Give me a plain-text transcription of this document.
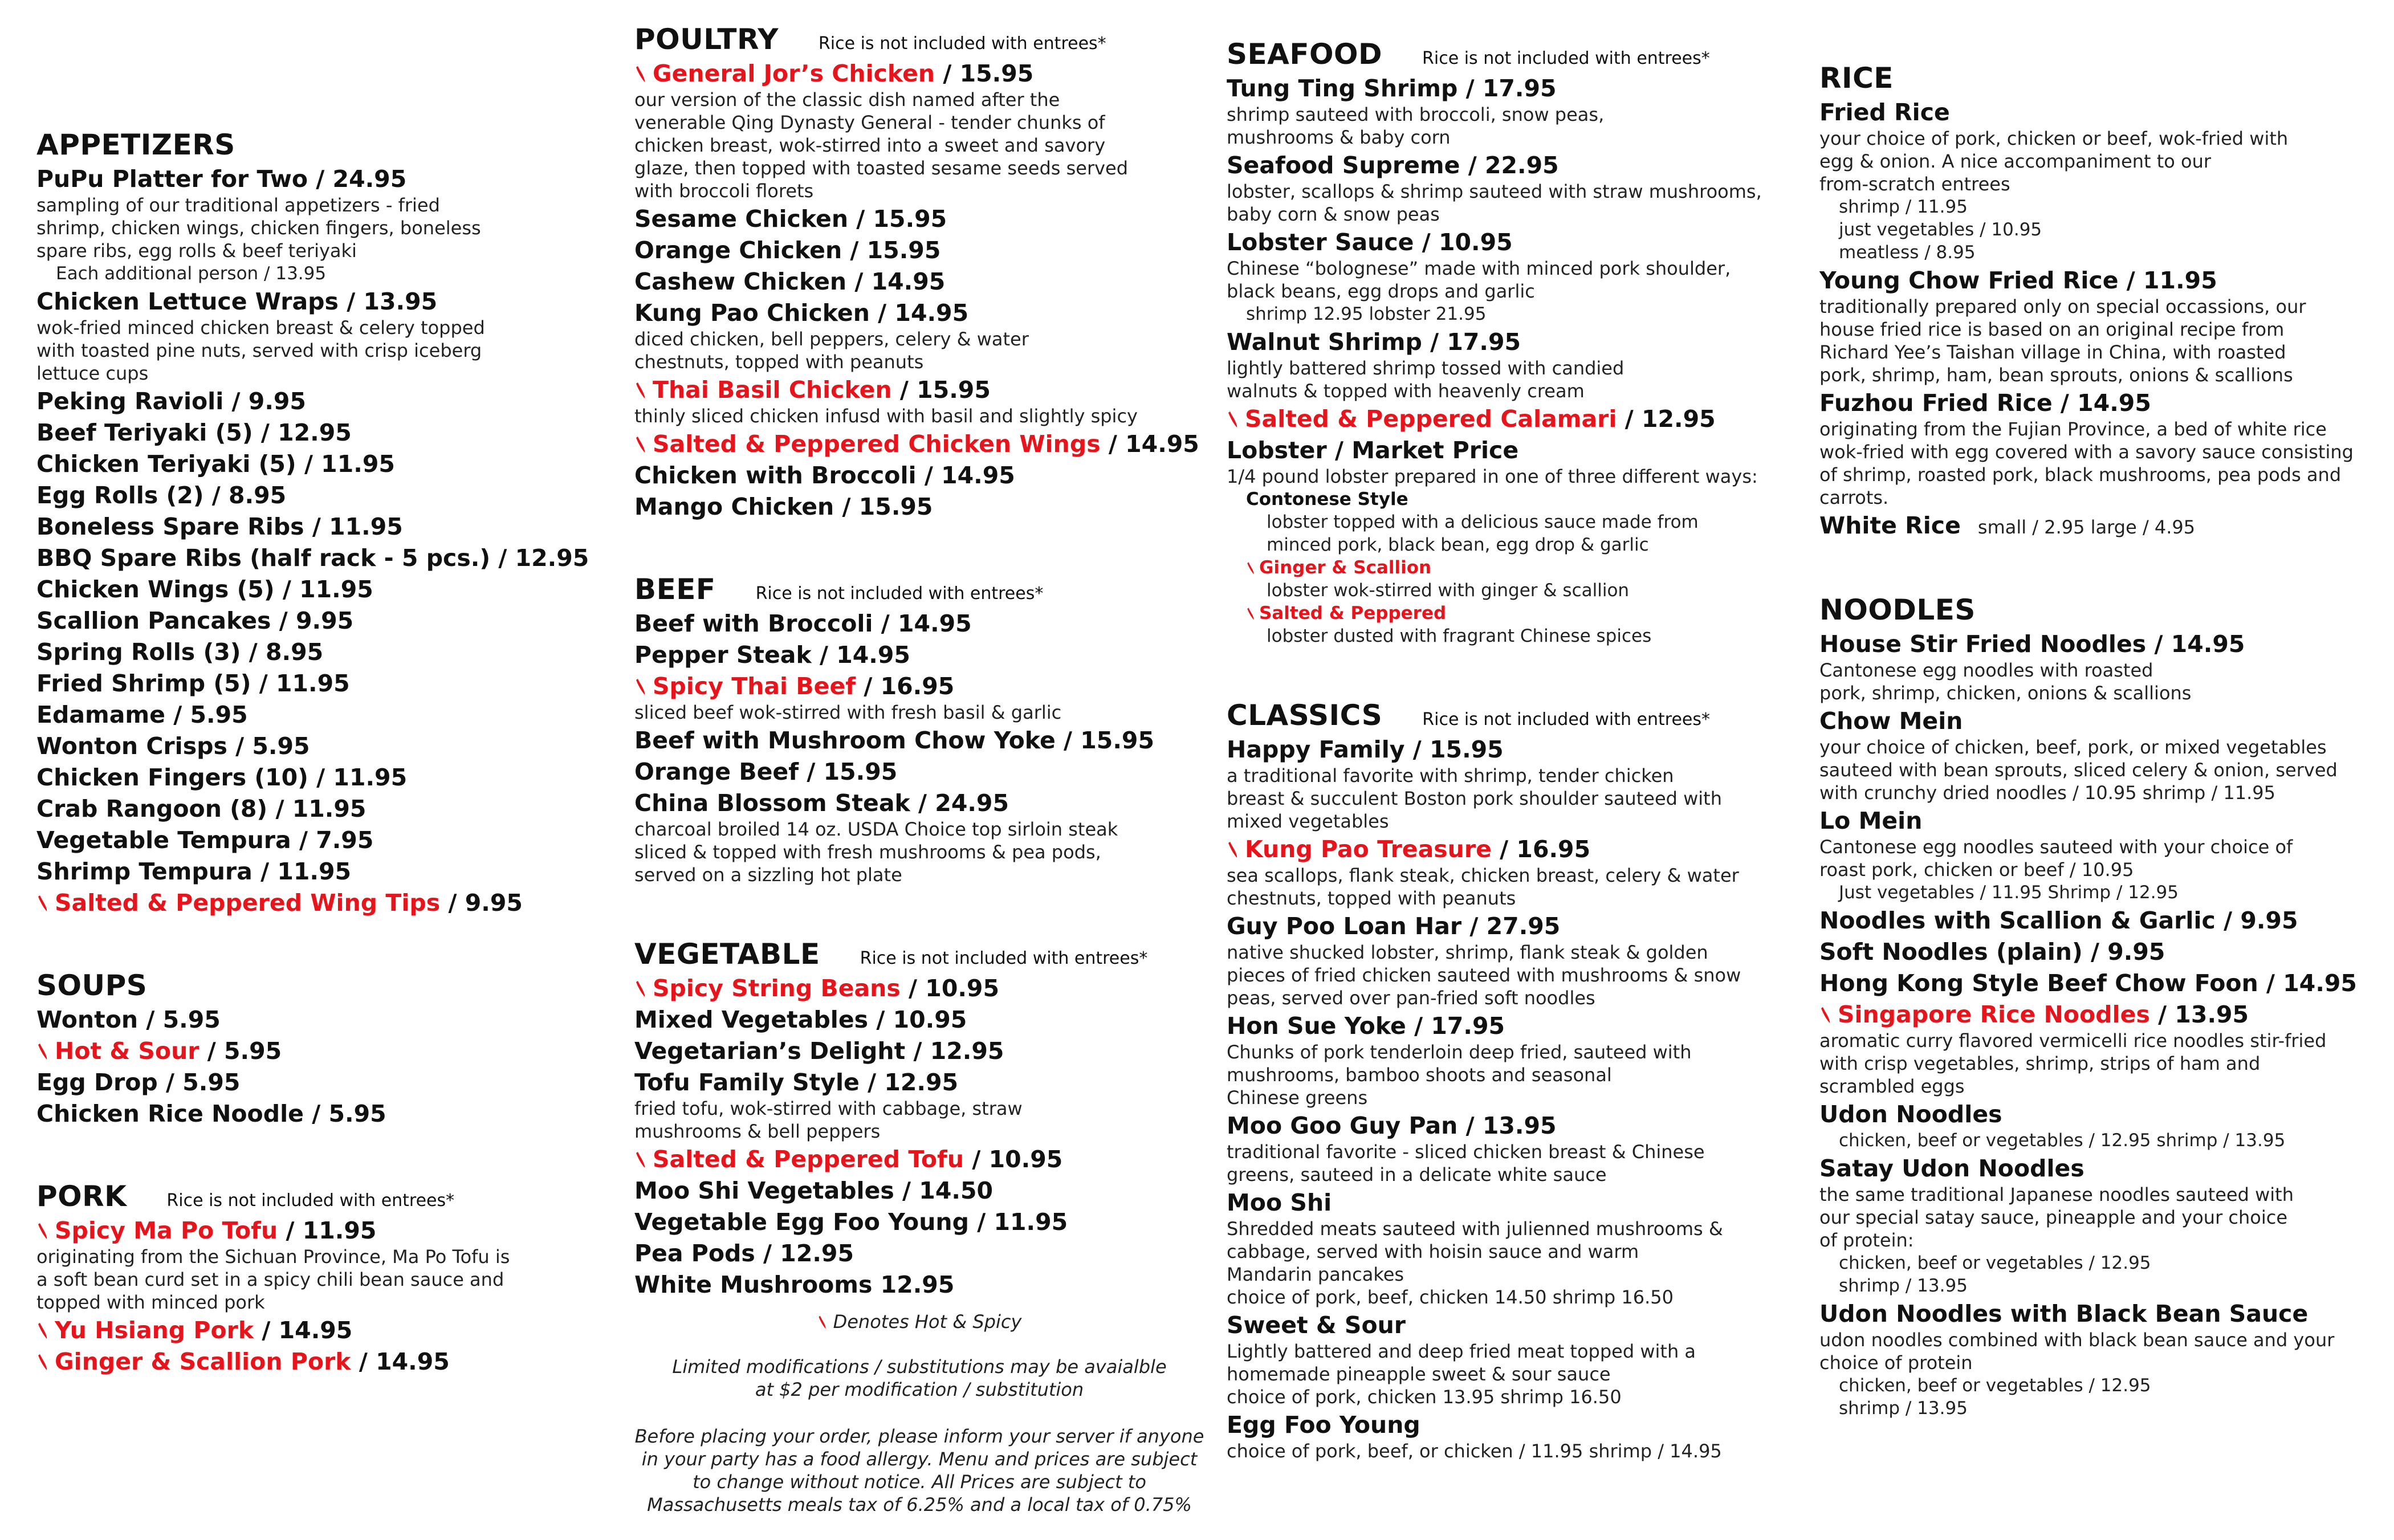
APPETIZERS
PuPu Platter for Two / 24.95
sampling of our traditional appetizers - fried
shrimp, chicken wings, chicken fingers, boneless
spare ribs, egg rolls & beef teriyaki
Each additional person / 13.95
Chicken Lettuce Wraps / 13.95
wok-fried minced chicken breast & celery topped
with toasted pine nuts, served with crisp iceberg
lettuce cups
Peking Ravioli / 9.95
Beef Teriyaki (5) / 12.95
Chicken Teriyaki (5) / 11.95
Egg Rolls (2) / 8.95
Boneless Spare Ribs / 11.95
BBQ Spare Ribs (half rack - 5 pcs.) / 12.95
Chicken Wings (5) / 11.95
Scallion Pancakes / 9.95
Spring Rolls (3) / 8.95
Fried Shrimp (5) / 11.95
Edamame / 5.95
Wonton Crisps / 5.95
Chicken Fingers (10) / 11.95
Crab Rangoon (8) / 11.95
Vegetable Tempura / 7.95
Shrimp Tempura / 11.95
Salted & Peppered Wing Tips / 9.95
SOUPS
Wonton / 5.95
Hot & Sour / 5.95
Egg Drop / 5.95
Chicken Rice Noodle / 5.95
PORK Rice is not included with entrees*
Spicy Ma Po Tofu / 11.95
originating from the Sichuan Province, Ma Po Tofu is
a soft bean curd set in a spicy chili bean sauce and
topped with minced pork
Yu Hsiang Pork / 14.95
Ginger & Scallion Pork / 14.95
POULTRY Rice is not included with entrees*
General Jor’s Chicken / 15.95
our version of the classic dish named after the
venerable Qing Dynasty General - tender chunks of
chicken breast, wok-stirred into a sweet and savory
glaze, then topped with toasted sesame seeds served
with broccoli florets
Sesame Chicken / 15.95
Orange Chicken / 15.95
Cashew Chicken / 14.95
Kung Pao Chicken / 14.95
diced chicken, bell peppers, celery & water
chestnuts, topped with peanuts
Thai Basil Chicken / 15.95
thinly sliced chicken infusd with basil and slightly spicy
Salted & Peppered Chicken Wings / 14.95
Chicken with Broccoli / 14.95
Mango Chicken / 15.95
BEEF Rice is not included with entrees*
Beef with Broccoli / 14.95
Pepper Steak / 14.95
Spicy Thai Beef / 16.95
sliced beef wok-stirred with fresh basil & garlic
Beef with Mushroom Chow Yoke / 15.95
Orange Beef / 15.95
China Blossom Steak / 24.95
charcoal broiled 14 oz. USDA Choice top sirloin steak
sliced & topped with fresh mushrooms & pea pods,
served on a sizzling hot plate
VEGETABLE Rice is not included with entrees*
Spicy String Beans / 10.95
Mixed Vegetables / 10.95
Vegetarian’s Delight / 12.95
Tofu Family Style / 12.95
fried tofu, wok-stirred with cabbage, straw
mushrooms & bell peppers
Salted & Peppered Tofu / 10.95
Moo Shi Vegetables / 14.50
Vegetable Egg Foo Young / 11.95
Pea Pods / 12.95
White Mushrooms 12.95
Denotes Hot & Spicy
Limited modifications / substitutions may be avaialble
at $2 per modification / substitution
Before placing your order, please inform your server if anyone
in your party has a food allergy. Menu and prices are subject
to change without notice. All Prices are subject to
Massachusetts meals tax of 6.25% and a local tax of 0.75%
SEAFOOD Rice is not included with entrees*
Tung Ting Shrimp / 17.95
shrimp sauteed with broccoli, snow peas,
mushrooms & baby corn
Seafood Supreme / 22.95
lobster, scallops & shrimp sauteed with straw mushrooms,
baby corn & snow peas
Lobster Sauce / 10.95
Chinese “bolognese” made with minced pork shoulder,
black beans, egg drops and garlic
shrimp 12.95 lobster 21.95
Walnut Shrimp / 17.95
lightly battered shrimp tossed with candied
walnuts & topped with heavenly cream
Salted & Peppered Calamari / 12.95
Lobster / Market Price
1/4 pound lobster prepared in one of three different ways:
Contonese Style
lobster topped with a delicious sauce made from
minced pork, black bean, egg drop & garlic
Ginger & Scallion
lobster wok-stirred with ginger & scallion
Salted & Peppered
lobster dusted with fragrant Chinese spices
CLASSICS Rice is not included with entrees*
Happy Family / 15.95
a traditional favorite with shrimp, tender chicken
breast & succulent Boston pork shoulder sauteed with
mixed vegetables
Kung Pao Treasure / 16.95
sea scallops, flank steak, chicken breast, celery & water
chestnuts, topped with peanuts
Guy Poo Loan Har / 27.95
native shucked lobster, shrimp, flank steak & golden
pieces of fried chicken sauteed with mushrooms & snow
peas, served over pan-fried soft noodles
Hon Sue Yoke / 17.95
Chunks of pork tenderloin deep fried, sauteed with
mushrooms, bamboo shoots and seasonal
Chinese greens
Moo Goo Guy Pan / 13.95
traditional favorite - sliced chicken breast & Chinese
greens, sauteed in a delicate white sauce
Moo Shi
Shredded meats sauteed with julienned mushrooms &
cabbage, served with hoisin sauce and warm
Mandarin pancakes
choice of pork, beef, chicken 14.50 shrimp 16.50
Sweet & Sour
Lightly battered and deep fried meat topped with a
homemade pineapple sweet & sour sauce
choice of pork, chicken 13.95 shrimp 16.50
Egg Foo Young
choice of pork, beef, or chicken / 11.95 shrimp / 14.95
RICE
Fried Rice
your choice of pork, chicken or beef, wok-fried with
egg & onion. A nice accompaniment to our
from-scratch entrees
shrimp / 11.95
just vegetables / 10.95
meatless / 8.95
Young Chow Fried Rice / 11.95
traditionally prepared only on special occassions, our
house fried rice is based on an original recipe from
Richard Yee’s Taishan village in China, with roasted
pork, shrimp, ham, bean sprouts, onions & scallions
Fuzhou Fried Rice / 14.95
originating from the Fujian Province, a bed of white rice
wok-fried with egg covered with a savory sauce consisting
of shrimp, roasted pork, black mushrooms, pea pods and
carrots.
White Rice small / 2.95 large / 4.95
NOODLES
House Stir Fried Noodles / 14.95
Cantonese egg noodles with roasted
pork, shrimp, chicken, onions & scallions
Chow Mein
your choice of chicken, beef, pork, or mixed vegetables
sauteed with bean sprouts, sliced celery & onion, served
with crunchy dried noodles / 10.95 shrimp / 11.95
Lo Mein
Cantonese egg noodles sauteed with your choice of
roast pork, chicken or beef / 10.95
Just vegetables / 11.95 Shrimp / 12.95
Noodles with Scallion & Garlic / 9.95
Soft Noodles (plain) / 9.95
Hong Kong Style Beef Chow Foon / 14.95
Singapore Rice Noodles / 13.95
aromatic curry flavored vermicelli rice noodles stir-fried
with crisp vegetables, shrimp, strips of ham and
scrambled eggs
Udon Noodles
chicken, beef or vegetables / 12.95 shrimp / 13.95
Satay Udon Noodles
the same traditional Japanese noodles sauteed with
our special satay sauce, pineapple and your choice
of protein:
chicken, beef or vegetables / 12.95
shrimp / 13.95
Udon Noodles with Black Bean Sauce
udon noodles combined with black bean sauce and your
choice of protein
chicken, beef or vegetables / 12.95
shrimp / 13.95
